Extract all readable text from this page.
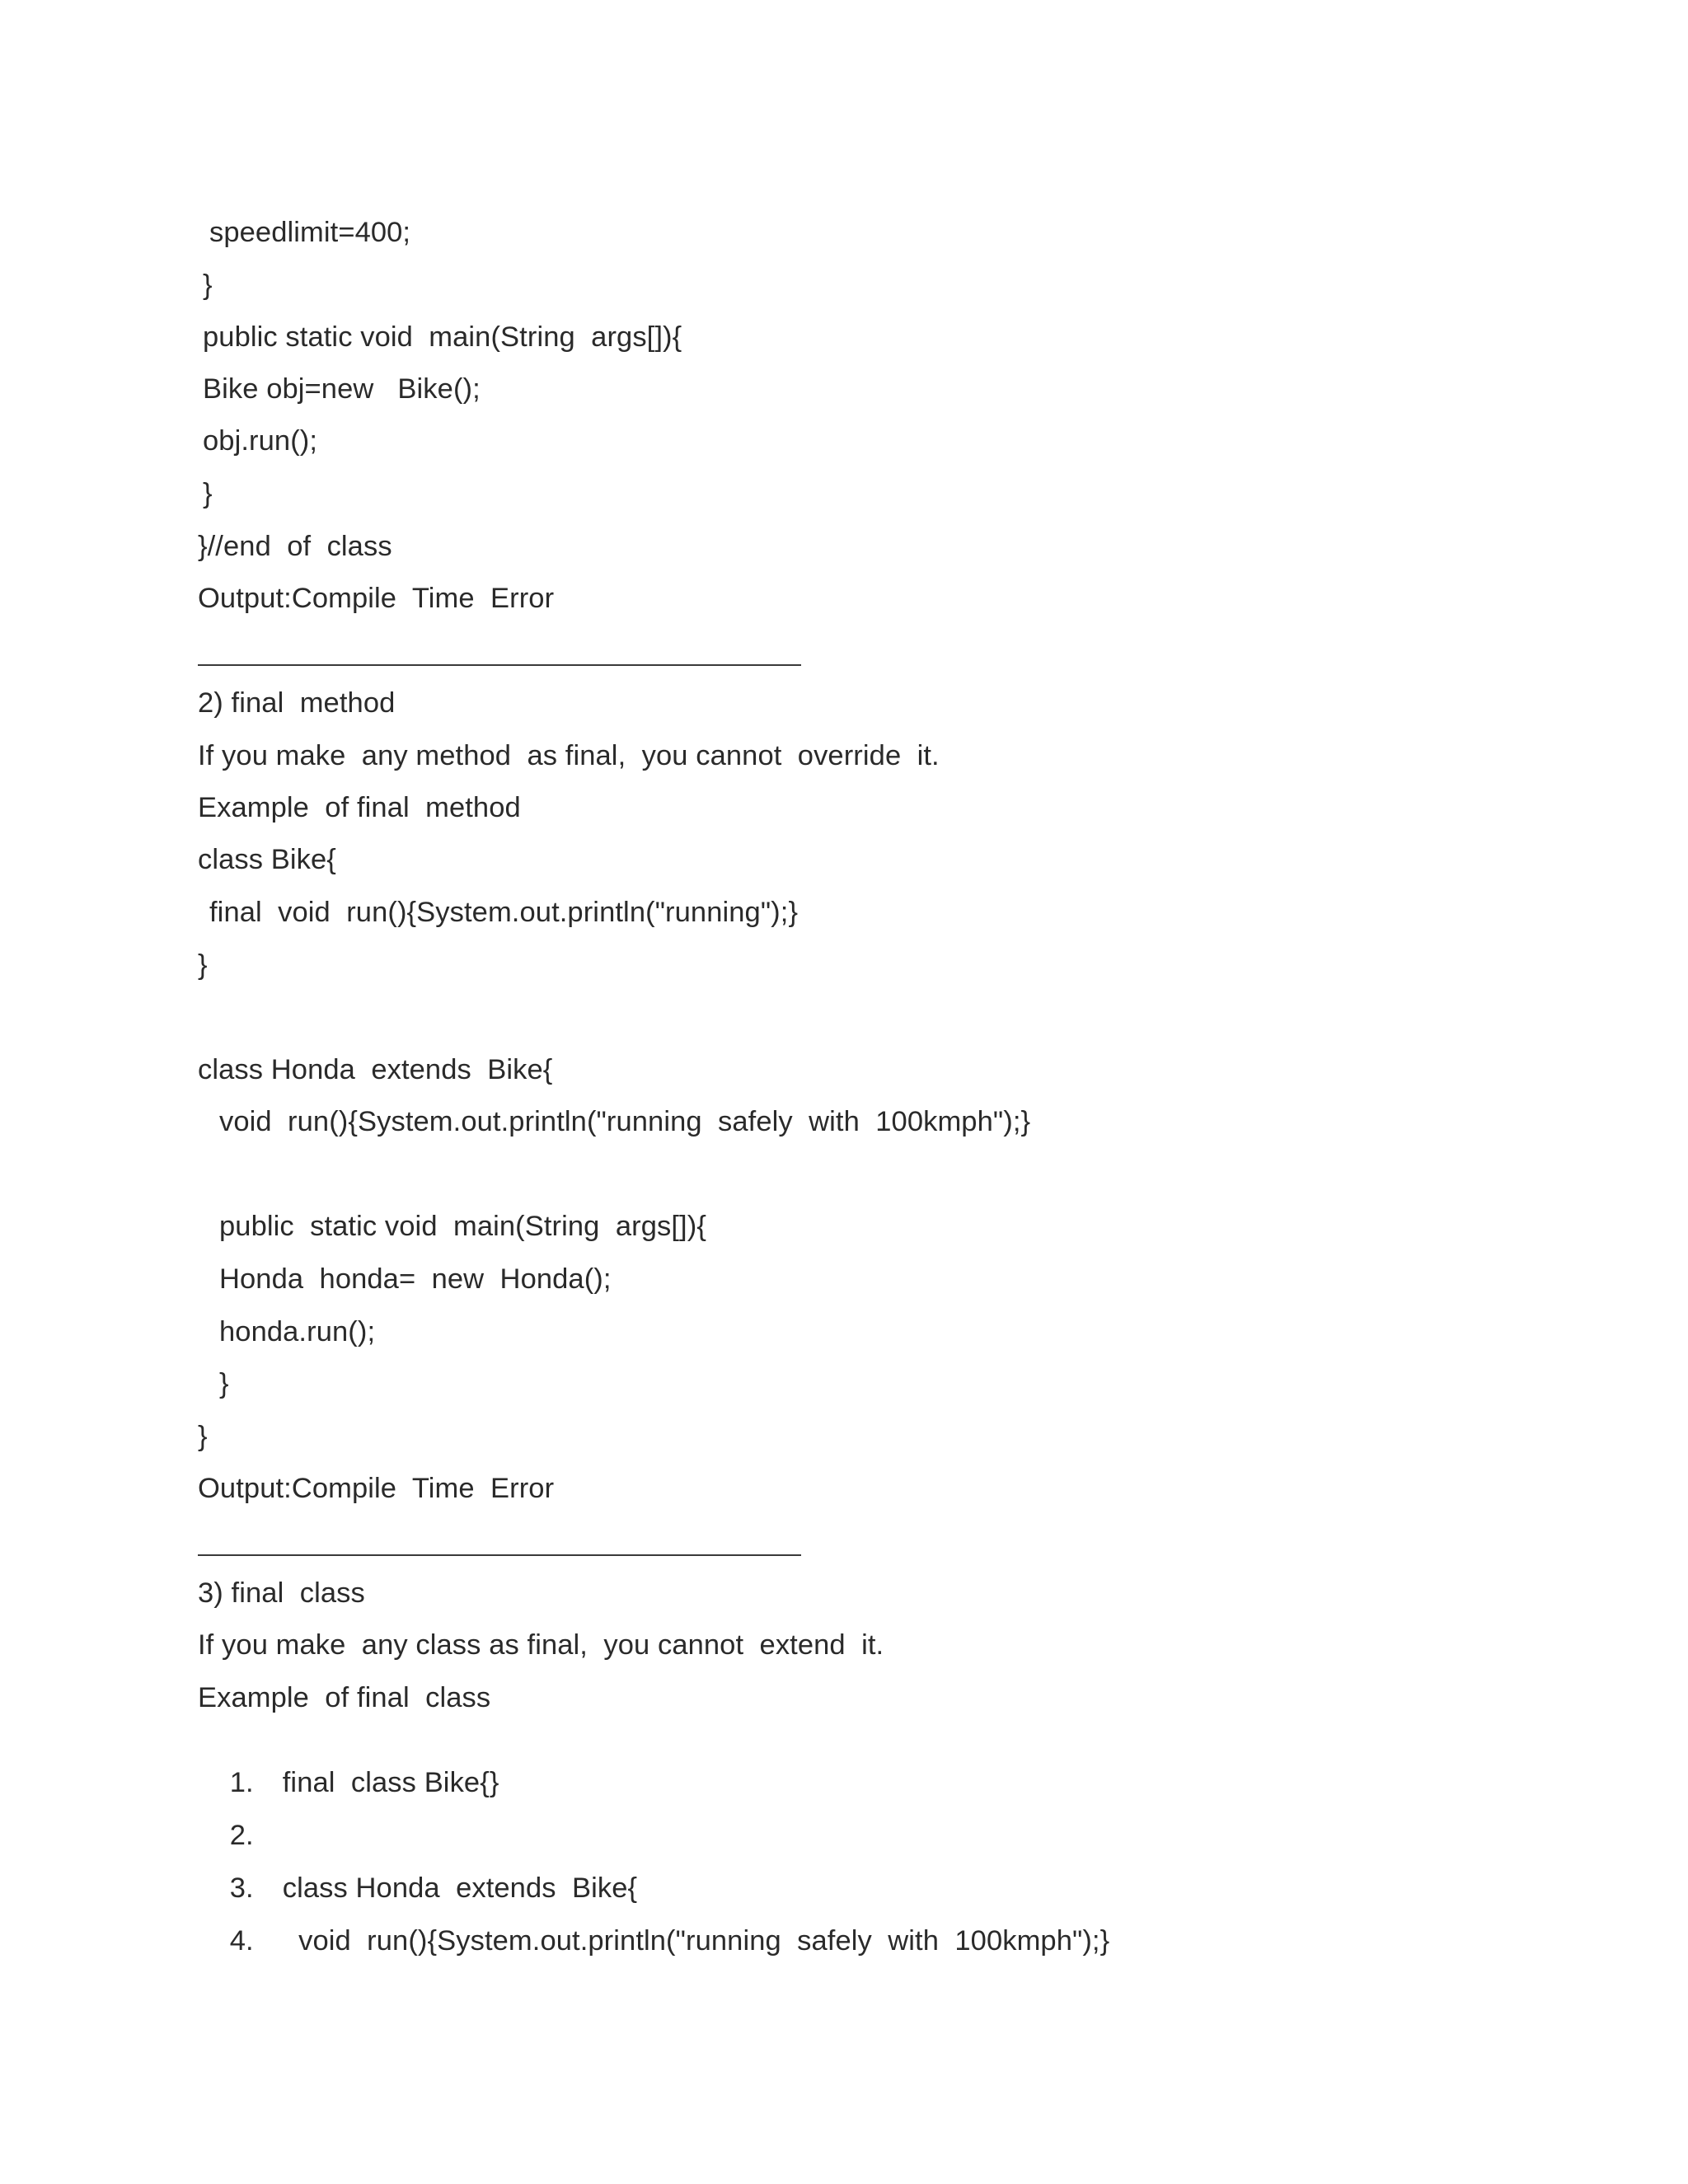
speedlimit=400;
}
public static void  main(String  args[]){
Bike obj=new   Bike();
obj.run();
}
}//end  of  class
Output:Compile  Time  Error
2) final  method
If you make  any method  as final,  you cannot  override  it.
Example  of final  method
class Bike{
final  void  run(){System.out.println("running");}
}
class Honda  extends  Bike{
void  run(){System.out.println("running  safely  with  100kmph");}
public  static void  main(String  args[]){
Honda  honda=  new  Honda();
honda.run();
}
}
Output:Compile  Time  Error
3) final  class
If you make  any class as final,  you cannot  extend  it.
Example  of final  class

1. final  class Bike{}

2.

3. class Honda  extends  Bike{

4.  void  run(){System.out.println("running  safely  with  100kmph");}
